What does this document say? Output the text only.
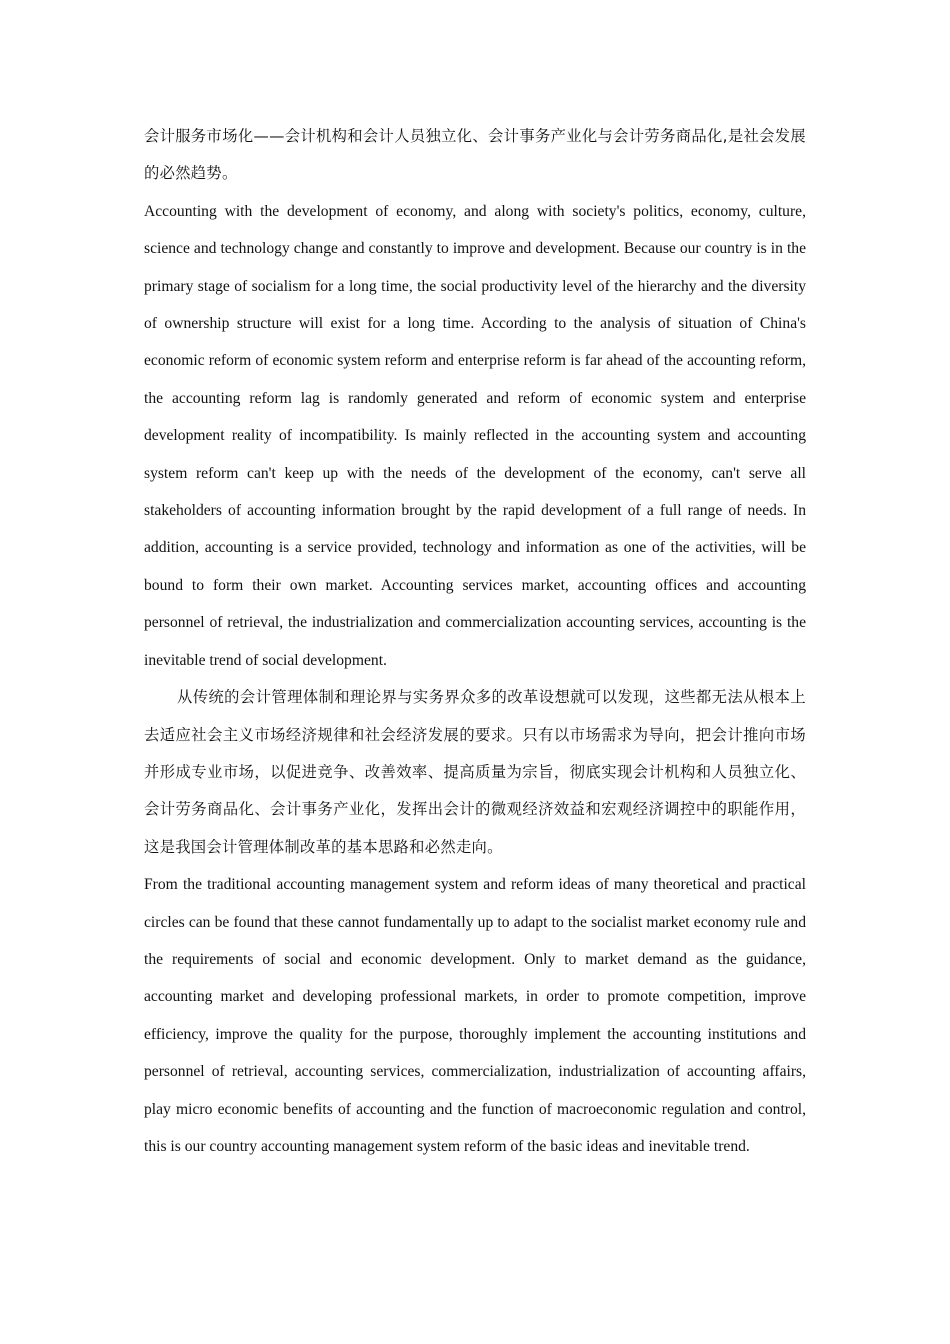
会计服务市场化——会计机构和会计人员独立化、会计事务产业化与会计劳务商品化,是社会发展的必然趋势。

Accounting with the development of economy, and along with society's politics, economy, culture, science and technology change and constantly to improve and development. Because our country is in the primary stage of socialism for a long time, the social productivity level of the hierarchy and the diversity of ownership structure will exist for a long time. According to the analysis of situation of China's economic reform of economic system reform and enterprise reform is far ahead of the accounting reform, the accounting reform lag is randomly generated and reform of economic system and enterprise development reality of incompatibility. Is mainly reflected in the accounting system and accounting system reform can't keep up with the needs of the development of the economy, can't serve all stakeholders of accounting information brought by the rapid development of a full range of needs. In addition, accounting is a service provided, technology and information as one of the activities, will be bound to form their own market. Accounting services market, accounting offices and accounting personnel of retrieval, the industrialization and commercialization accounting services, accounting is the inevitable trend of social development.

从传统的会计管理体制和理论界与实务界众多的改革设想就可以发现，这些都无法从根本上去适应社会主义市场经济规律和社会经济发展的要求。只有以市场需求为导向，把会计推向市场并形成专业市场，以促进竞争、改善效率、提高质量为宗旨，彻底实现会计机构和人员独立化、会计劳务商品化、会计事务产业化，发挥出会计的微观经济效益和宏观经济调控中的职能作用，这是我国会计管理体制改革的基本思路和必然走向。

From the traditional accounting management system and reform ideas of many theoretical and practical circles can be found that these cannot fundamentally up to adapt to the socialist market economy rule and the requirements of social and economic development. Only to market demand as the guidance, accounting market and developing professional markets, in order to promote competition, improve efficiency, improve the quality for the purpose, thoroughly implement the accounting institutions and personnel of retrieval, accounting services, commercialization, industrialization of accounting affairs, play micro economic benefits of accounting and the function of macroeconomic regulation and control, this is our country accounting management system reform of the basic ideas and inevitable trend.
